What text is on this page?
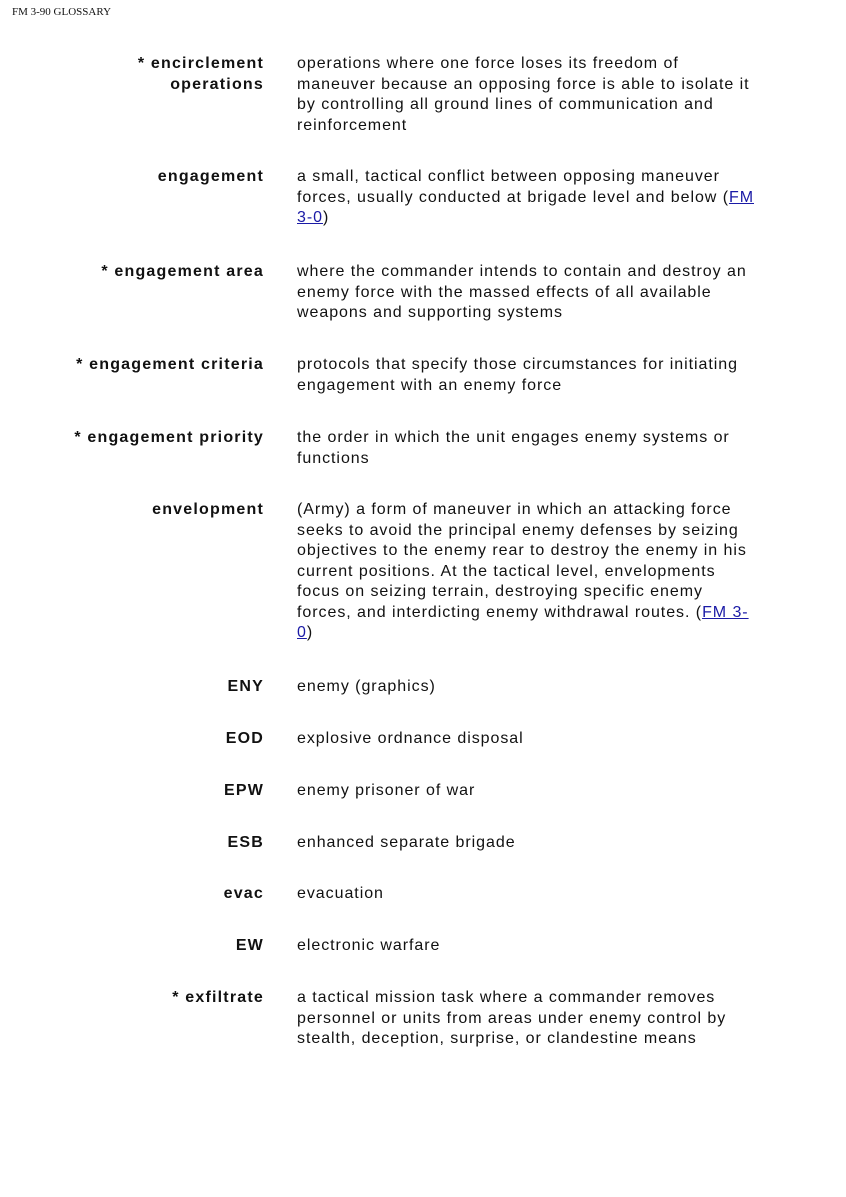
FM 3-90 GLOSSARY
* encirclement
operations
operations where one force loses its freedom of maneuver because an opposing force is able to isolate it by controlling all ground lines of communication and reinforcement
engagement a small, tactical conflict between opposing maneuver forces, usually conducted at brigade level and below (FM 3-0)
* engagement area where the commander intends to contain and destroy an enemy force with the massed effects of all available weapons and supporting systems
* engagement criteria protocols that specify those circumstances for initiating engagement with an enemy force
* engagement priority the order in which the unit engages enemy systems or functions
envelopment (Army) a form of maneuver in which an attacking force seeks to avoid the principal enemy defenses by seizing objectives to the enemy rear to destroy the enemy in his current positions. At the tactical level, envelopments focus on seizing terrain, destroying specific enemy forces, and interdicting enemy withdrawal routes. (FM 3-0)
ENY enemy (graphics)
EOD explosive ordnance disposal
EPW enemy prisoner of war
ESB enhanced separate brigade
evac evacuation
EW electronic warfare
* exfiltrate a tactical mission task where a commander removes personnel or units from areas under enemy control by stealth, deception, surprise, or clandestine means
